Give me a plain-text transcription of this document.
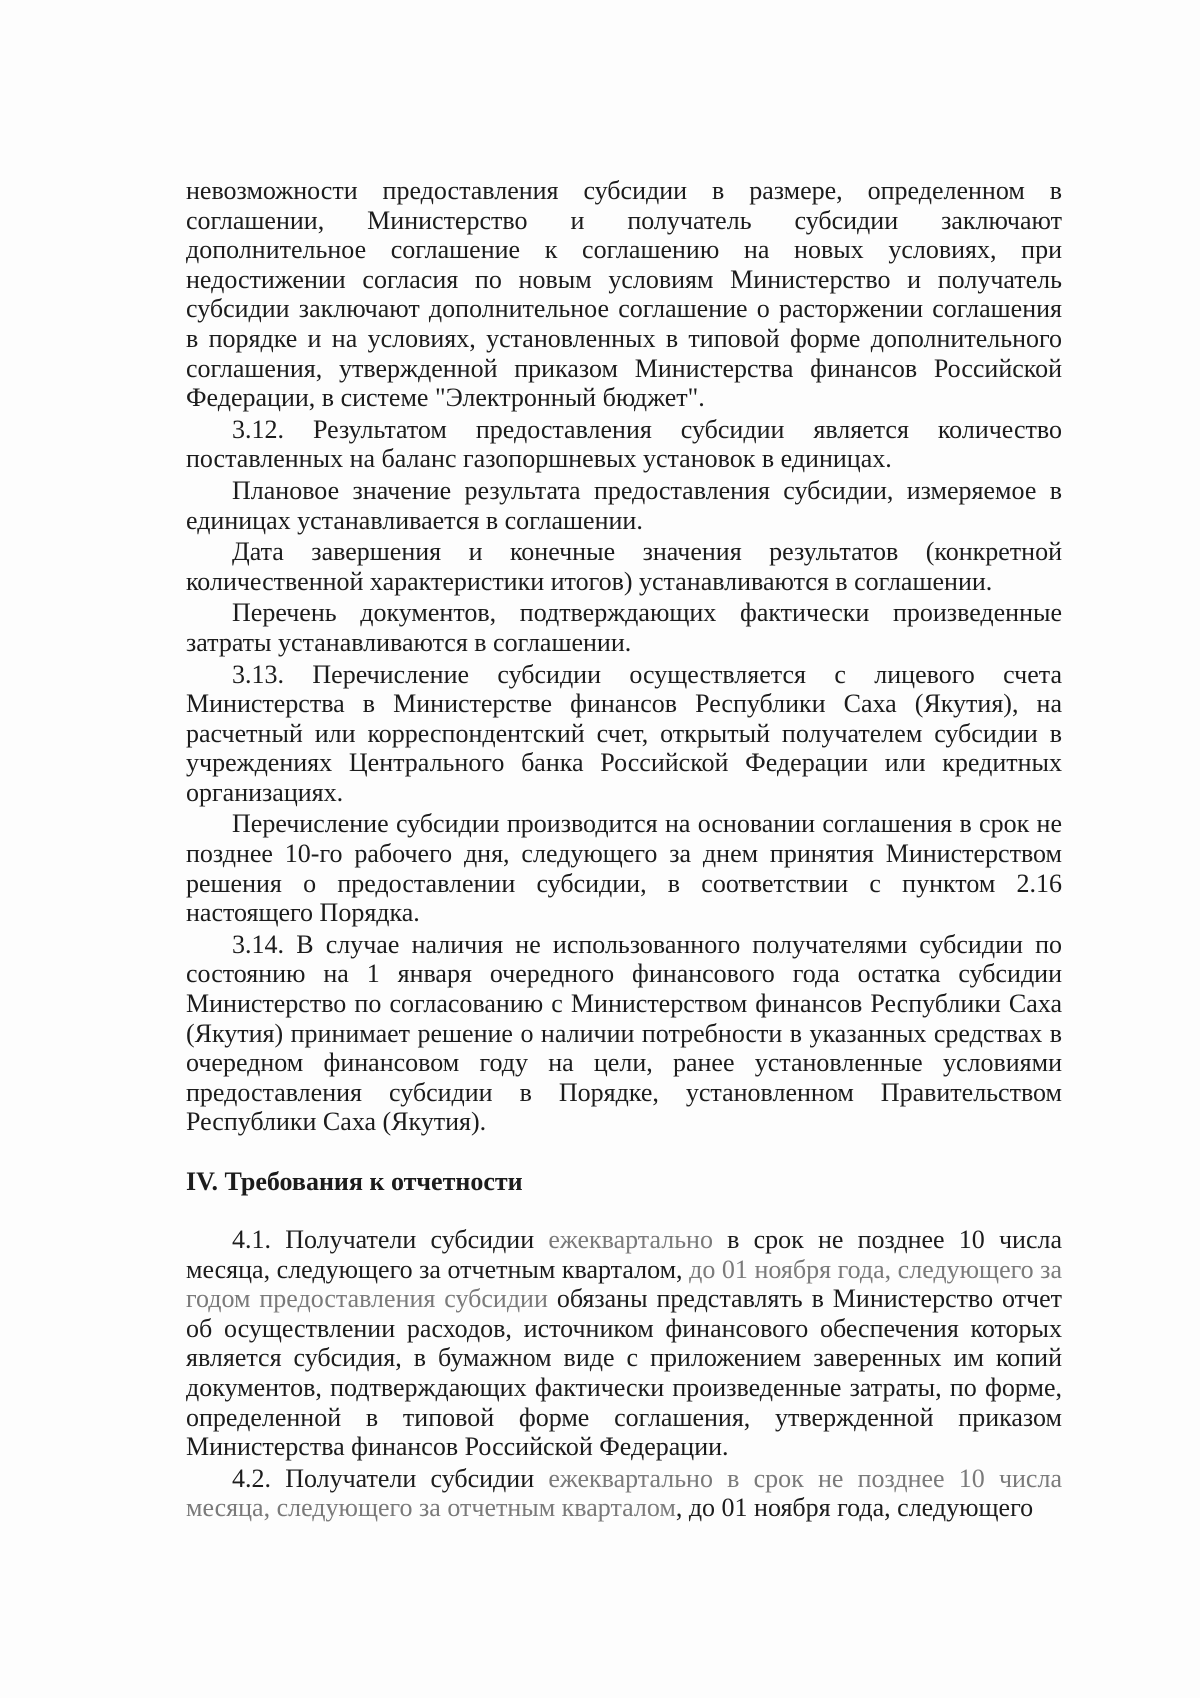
невозможности предоставления субсидии в размере, определенном в соглашении, Министерство и получатель субсидии заключают дополнительное соглашение к соглашению на новых условиях, при недостижении согласия по новым условиям Министерство и получатель субсидии заключают дополнительное соглашение о расторжении соглашения в порядке и на условиях, установленных в типовой форме дополнительного соглашения, утвержденной приказом Министерства финансов Российской Федерации, в системе "Электронный бюджет".

3.12. Результатом предоставления субсидии является количество поставленных на баланс газопоршневых установок в единицах.

Плановое значение результата предоставления субсидии, измеряемое в единицах устанавливается в соглашении.

Дата завершения и конечные значения результатов (конкретной количественной характеристики итогов) устанавливаются в соглашении.

Перечень документов, подтверждающих фактически произведенные затраты устанавливаются в соглашении.

3.13. Перечисление субсидии осуществляется с лицевого счета Министерства в Министерстве финансов Республики Саха (Якутия), на расчетный или корреспондентский счет, открытый получателем субсидии в учреждениях Центрального банка Российской Федерации или кредитных организациях.

Перечисление субсидии производится на основании соглашения в срок не позднее 10-го рабочего дня, следующего за днем принятия Министерством решения о предоставлении субсидии, в соответствии с пунктом 2.16 настоящего Порядка.

3.14. В случае наличия не использованного получателями субсидии по состоянию на 1 января очередного финансового года остатка субсидии Министерство по согласованию с Министерством финансов Республики Саха (Якутия) принимает решение о наличии потребности в указанных средствах в очередном финансовом году на цели, ранее установленные условиями предоставления субсидии в Порядке, установленном Правительством Республики Саха (Якутия).

IV. Требования к отчетности

4.1. Получатели субсидии ежеквартально в срок не позднее 10 числа месяца, следующего за отчетным кварталом, до 01 ноября года, следующего за годом предоставления субсидии обязаны представлять в Министерство отчет об осуществлении расходов, источником финансового обеспечения которых является субсидия, в бумажном виде с приложением заверенных им копий документов, подтверждающих фактически произведенные затраты, по форме, определенной в типовой форме соглашения, утвержденной приказом Министерства финансов Российской Федерации.

4.2. Получатели субсидии ежеквартально в срок не позднее 10 числа месяца, следующего за отчетным кварталом, до 01 ноября года, следующего
